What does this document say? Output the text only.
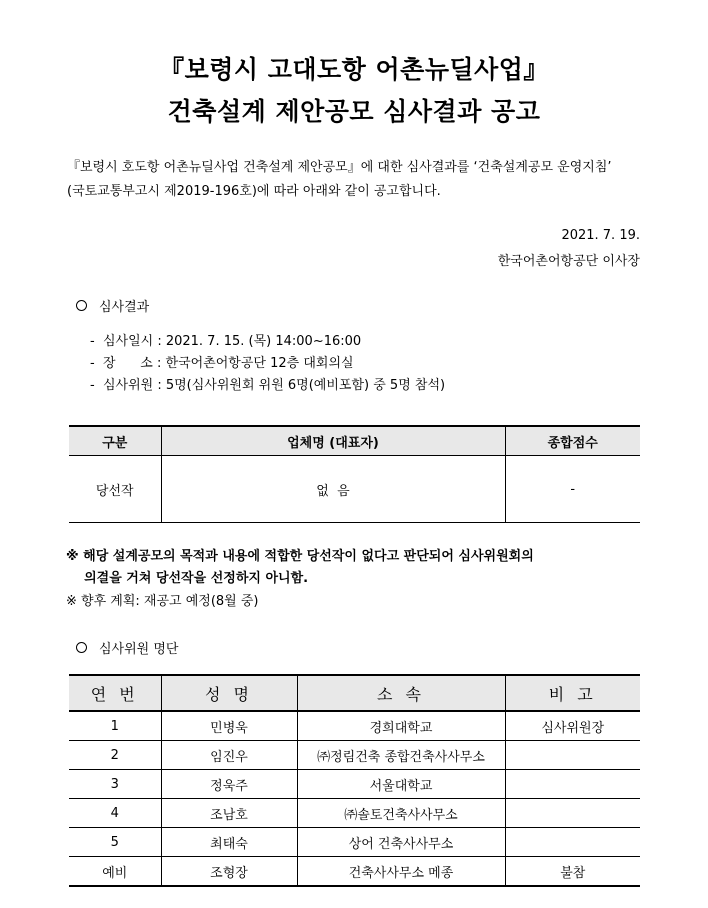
『보령시 고대도항 어촌뉴딜사업』
건축설계 제안공모 심사결과 공고
『보령시 호도항 어촌뉴딜사업 건축설계 제안공모』에 대한 심사결과를 ‘건축설계공모 운영지침’
(국토교통부고시 제2019-196호)에 따라 아래와 같이 공고합니다.
2021. 7. 19.
한국어촌어항공단 이사장
심사결과
-  심사일시 : 2021. 7. 15. (목) 14:00~16:00
-  장      소 : 한국어촌어항공단 12층 대회의실
-  심사위원 : 5명(심사위원회 위원 6명(예비포함) 중 5명 참석)
구분	업체명 (대표자)	종합점수
당선작	없  음	-
※ 해당 설계공모의 목적과 내용에 적합한 당선작이 없다고 판단되어 심사위원회의
의결을 거쳐 당선작을 선정하지 아니함.
※ 향후 계획: 재공고 예정(8월 중)
심사위원 명단
연 번	성 명	소 속	비 고
1	민병욱	경희대학교	심사위원장
2	임진우	㈜정림건축 종합건축사사무소	
3	정욱주	서울대학교	
4	조남호	㈜솔토건축사사무소	
5	최태숙	상어 건축사사무소	
예비	조형장	건축사사무소 메종	불참
